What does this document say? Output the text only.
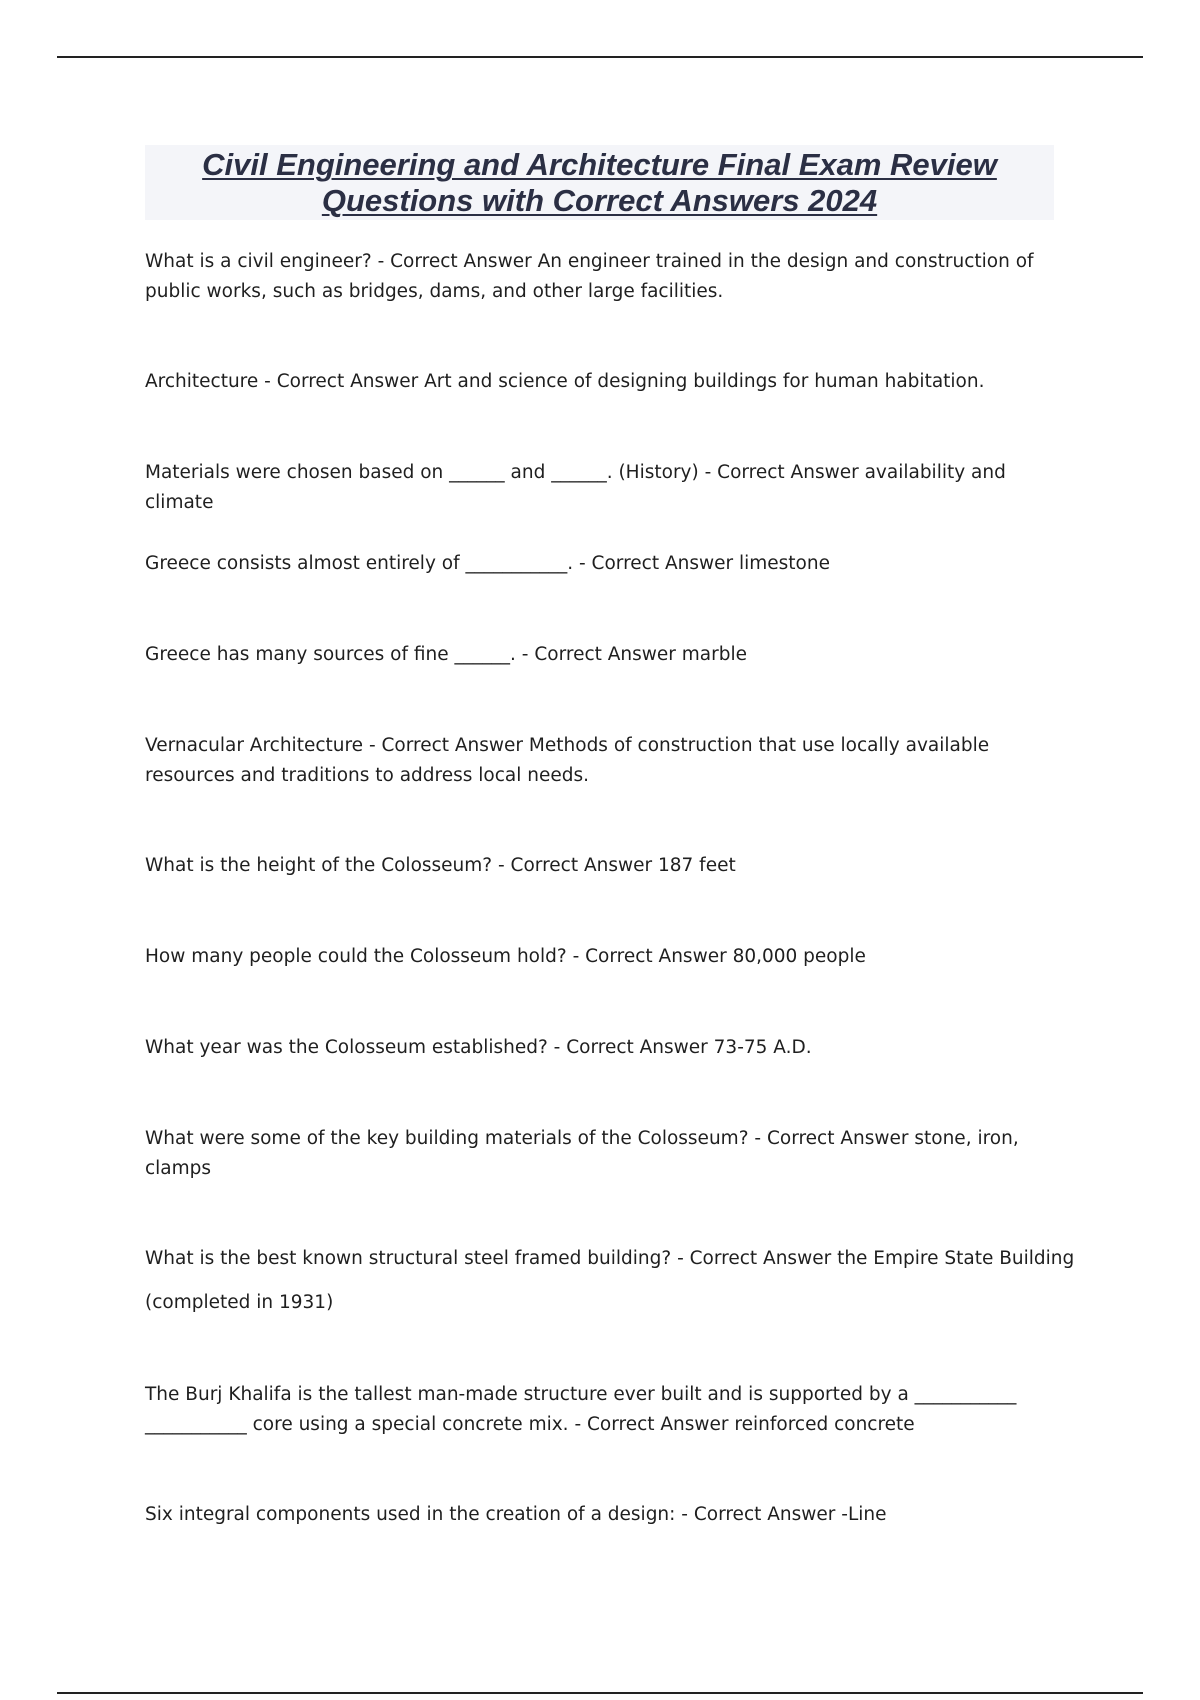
Civil Engineering and Architecture Final Exam Review
Questions with Correct Answers 2024

What is a civil engineer? - Correct Answer An engineer trained in the design and construction of public works, such as bridges, dams, and other large facilities.

Architecture - Correct Answer Art and science of designing buildings for human habitation.

Materials were chosen based on ______ and ______. (History) - Correct Answer availability and climate

Greece consists almost entirely of ___________. - Correct Answer limestone

Greece has many sources of fine ______. - Correct Answer marble

Vernacular Architecture - Correct Answer Methods of construction that use locally available resources and traditions to address local needs.

What is the height of the Colosseum? - Correct Answer 187 feet

How many people could the Colosseum hold? - Correct Answer 80,000 people

What year was the Colosseum established? - Correct Answer 73-75 A.D.

What were some of the key building materials of the Colosseum? - Correct Answer stone, iron, clamps

What is the best known structural steel framed building? - Correct Answer the Empire State Building (completed in 1931)

The Burj Khalifa is the tallest man-made structure ever built and is supported by a ___________ ___________ core using a special concrete mix. - Correct Answer reinforced concrete

Six integral components used in the creation of a design: - Correct Answer -Line
